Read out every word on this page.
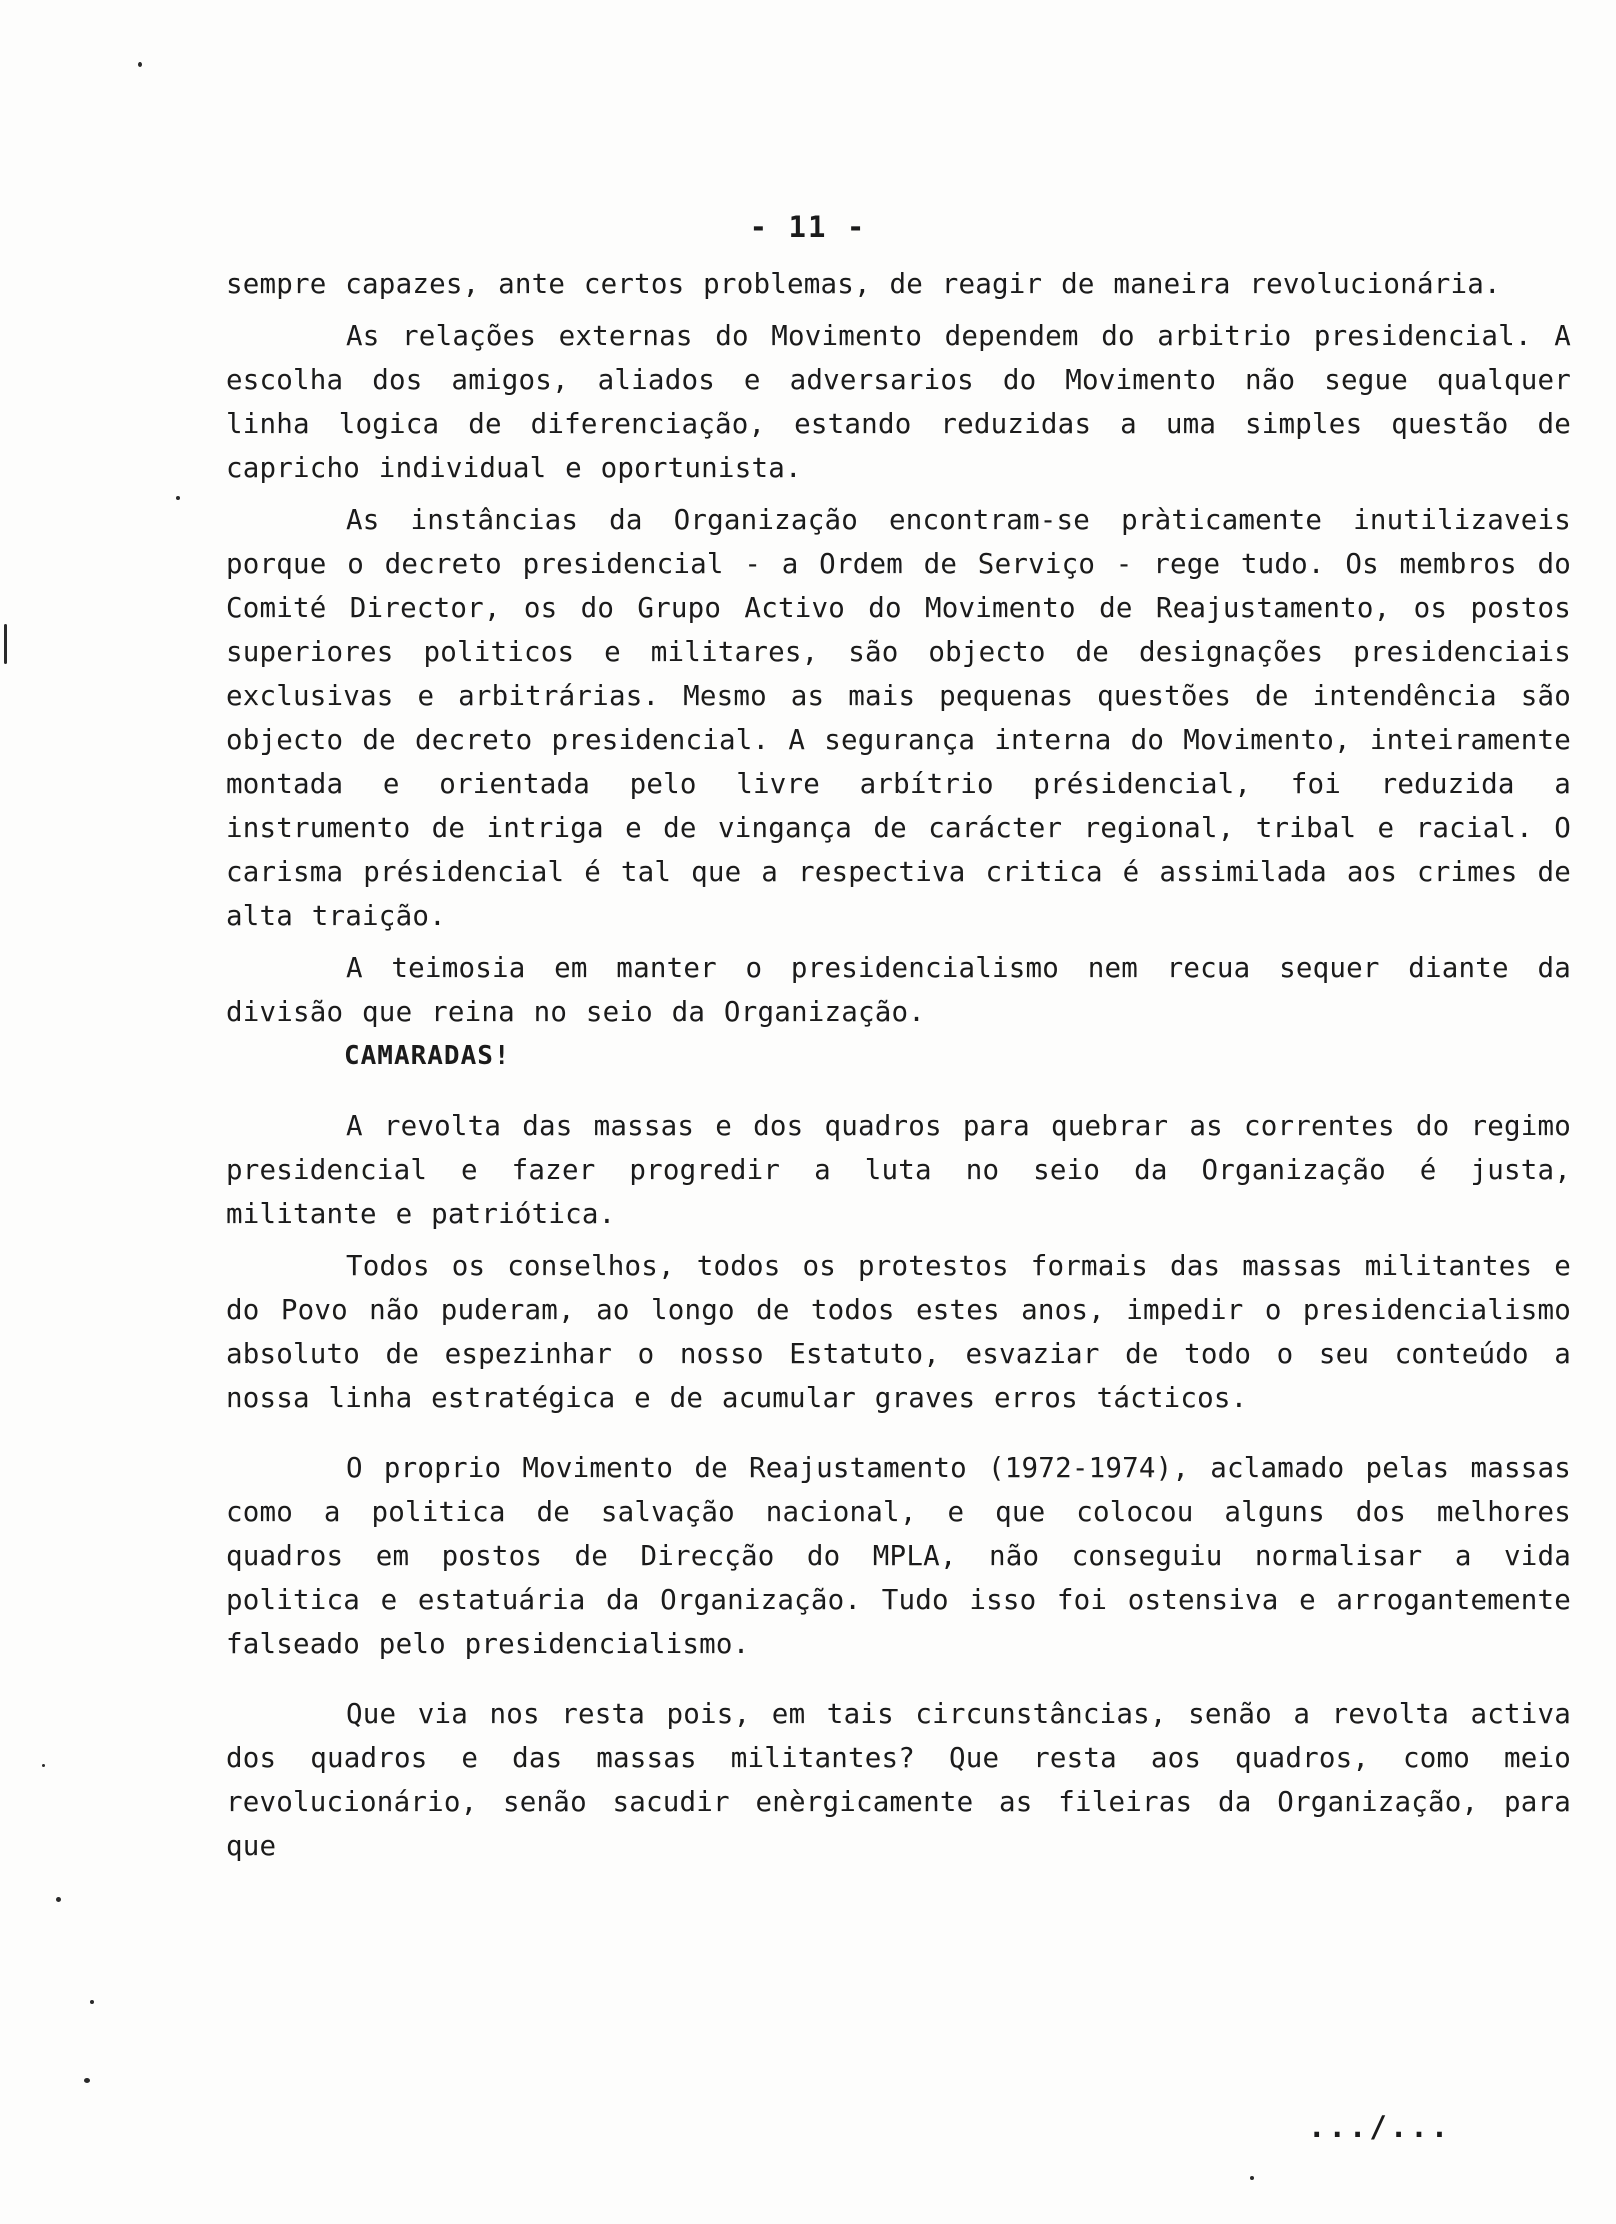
- 11 -

sempre capazes, ante certos problemas, de reagir de maneira revolucionária.

As relações externas do Movimento dependem do arbitrio presidencial. A escolha dos amigos, aliados e adversarios do Movimento não segue qualquer linha logica de diferenciação, estando reduzidas a uma simples questão de capricho individual e oportunista.

As instâncias da Organização encontram-se pràticamente inutilizaveis porque o decreto presidencial - a Ordem de Serviço - rege tudo. Os membros do Comité Director, os do Grupo Activo do Movimento de Reajustamento, os postos superiores politicos e militares, são objecto de designações presidenciais exclusivas e arbitrárias. Mesmo as mais pequenas questões de intendência são objecto de decreto presidencial. A segurança interna do Movimento, inteiramente montada e orientada pelo livre arbítrio présidencial, foi reduzida a instrumento de intriga e de vingança de carácter regional, tribal e racial. O carisma présidencial é tal que a respectiva critica é assimilada aos crimes de alta traição.

A teimosia em manter o presidencialismo nem recua sequer diante da divisão que reina no seio da Organização.

CAMARADAS!

A revolta das massas e dos quadros para quebrar as correntes do regimo presidencial e fazer progredir a luta no seio da Organização é justa, militante e patriótica.

Todos os conselhos, todos os protestos formais das massas militantes e do Povo não puderam, ao longo de todos estes anos, impedir o presidencialismo absoluto de espezinhar o nosso Estatuto, esvaziar de todo o seu conteúdo a nossa linha estratégica e de acumular graves erros tácticos.

O proprio Movimento de Reajustamento (1972-1974), aclamado pelas massas como a politica de salvação nacional, e que colocou alguns dos melhores quadros em postos de Direcção do MPLA, não conseguiu normalisar a vida politica e estatuária da Organização. Tudo isso foi ostensiva e arrogantemente falseado pelo presidencialismo.

Que via nos resta pois, em tais circunstâncias, senão a revolta activa dos quadros e das massas militantes? Que resta aos quadros, como meio revolucionário, senão sacudir enèrgicamente as fileiras da Organização, para que

.../...
